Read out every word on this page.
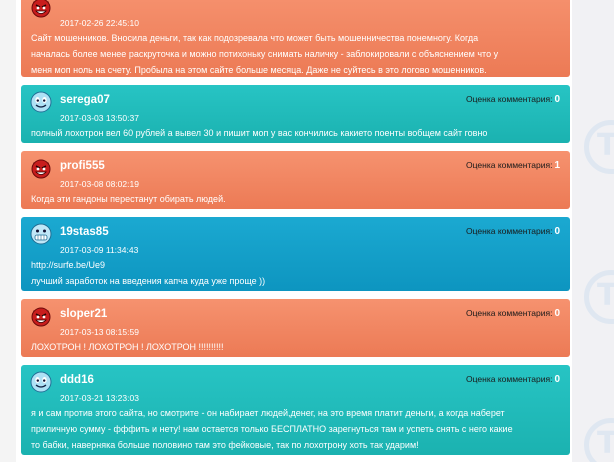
T
T
T
2017-02-26 22:45:10
Сайт мошенников. Вносила деньги, так как подозревала что может быть мошенничества понемногу. Когда
началась более менее раскруточка и можно потихоньку снимать наличку - заблокировали с объяснением что у
меня моп ноль на счету. Пробыла на этом сайте больше месяца. Даже не суйтесь в это логово мошенников.
serega07
2017-03-03 13:50:37
Оценка комментария: 0
полный лохотрон вел 60 рублей а вывел 30 и пишит моп у вас кончились какието поенты вобщем сайт говно
profi555
2017-03-08 08:02:19
Оценка комментария: 1
Когда эти гандоны перестанут обирать людей.
19stas85
2017-03-09 11:34:43
Оценка комментария: 0
http://surfe.be/Ue9
лучший заработок на введения капча куда уже проще ))
sloper21
2017-03-13 08:15:59
Оценка комментария: 0
ЛОХОТРОН ! ЛОХОТРОН ! ЛОХОТРОН !!!!!!!!!!
ddd16
2017-03-21 13:23:03
Оценка комментария: 0
я и сам против этого сайта, но смотрите - он набирает людей,денег, на это время платит деньги, а когда наберет
приличную сумму - фффить и нету! нам остается только БЕСПЛАТНО зарегнуться там и успеть снять с него какие
то бабки, наверняка больше половино там это фейковые, так по лохотрону хоть так ударим!
